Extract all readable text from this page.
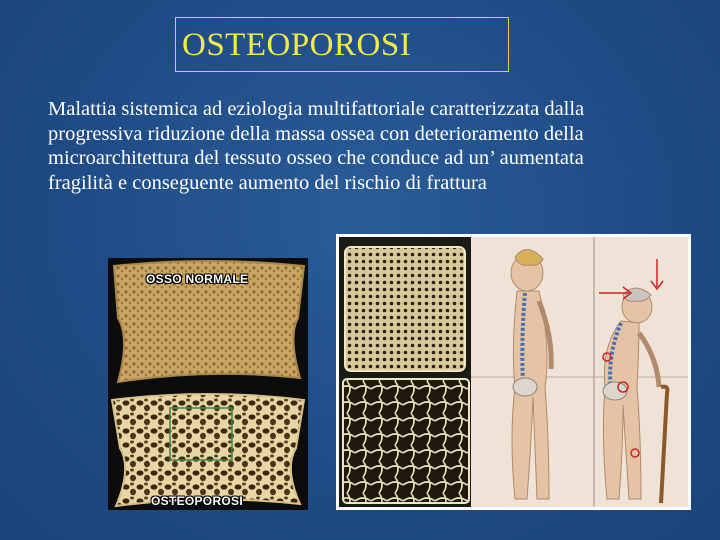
OSTEOPOROSI
Malattia sistemica ad eziologia multifattoriale caratterizzata dalla progressiva riduzione della massa ossea con deterioramento della microarchitettura del tessuto osseo che conduce ad un’ aumentata fragilità e conseguente aumento del rischio di frattura
OSSO NORMALE
OSTEOPOROSI
